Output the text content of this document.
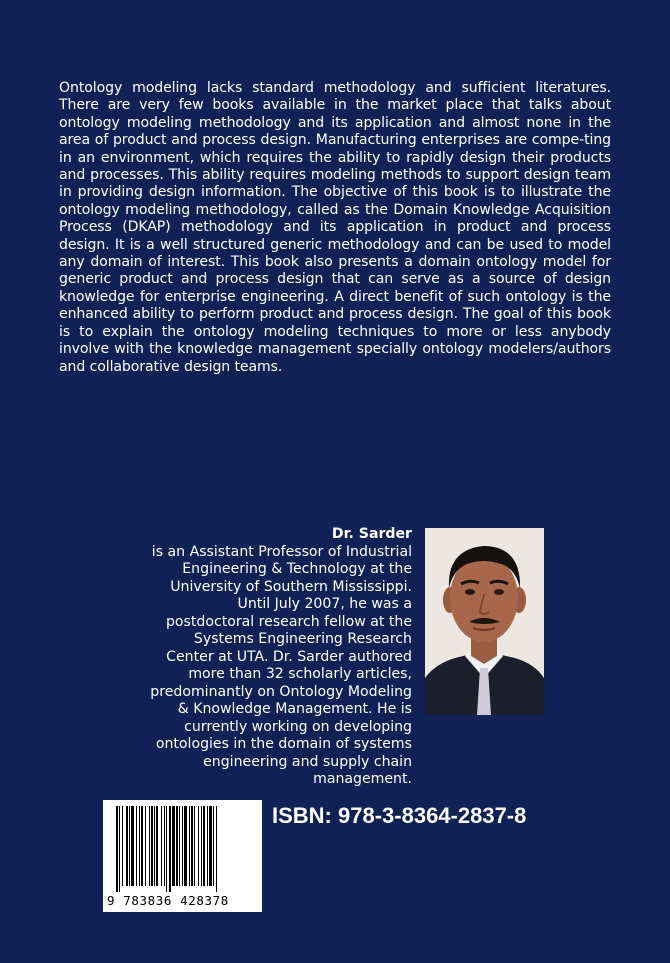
Ontology modeling lacks standard methodology and sufficient literatures. There are very few books available in the market place that talks about ontology modeling methodology and its application and almost none in the area of product and process design. Manufacturing enterprises are compe-ting in an environment, which requires the ability to rapidly design their products and processes. This ability requires modeling methods to support design team in providing design information. The objective of this book is to illustrate the ontology modeling methodology, called as the Domain Knowledge Acquisition Process (DKAP) methodology and its application in product and process design. It is a well structured generic methodology and can be used to model any domain of interest. This book also presents a domain ontology model for generic product and process design that can serve as a source of design knowledge for enterprise engineering. A direct benefit of such ontology is the enhanced ability to perform product and process design. The goal of this book is to explain the ontology modeling techniques to more or less anybody involve with the knowledge management specially ontology modelers/authors and collaborative design teams.

Dr. Sarder
is an Assistant Professor of Industrial Engineering & Technology at the University of Southern Mississippi. Until July 2007, he was a postdoctoral research fellow at the Systems Engineering Research Center at UTA. Dr. Sarder authored more than 32 scholarly articles, predominantly on Ontology Modeling & Knowledge Management. He is currently working on developing ontologies in the domain of systems engineering and supply chain management.

9 783836 428378
ISBN: 978-3-8364-2837-8
